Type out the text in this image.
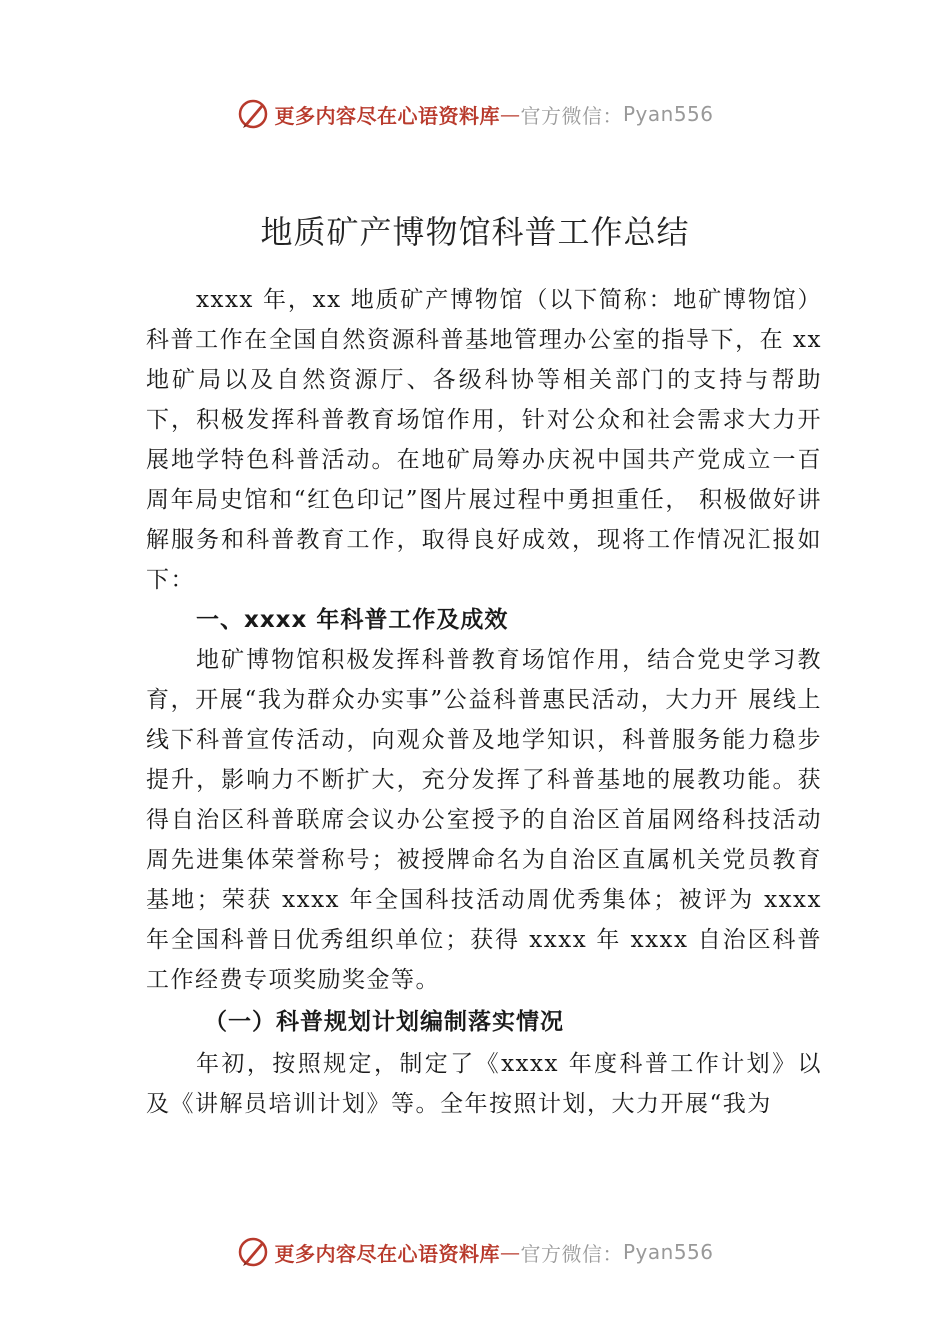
更多内容尽在心语资料库 — 官方微信： Pyan556
地质矿产博物馆科普工作总结

xxxx 年，xx 地质矿产博物馆（以下简称：地矿博物馆）科普工作在全国自然资源科普基地管理办公室的指导下，在 xx 地矿局以及自然资源厅、各级科协等相关部门的支持与帮助下，积极发挥科普教育场馆作用，针对公众和社会需求大力开展地学特色科普活动。在地矿局筹办庆祝中国共产党成立一百周年局史馆和“红色印记”图片展过程中勇担重任， 积极做好讲解服务和科普教育工作，取得良好成效，现将工作情况汇报如下：

一、xxxx 年科普工作及成效

地矿博物馆积极发挥科普教育场馆作用，结合党史学习教育，开展“我为群众办实事”公益科普惠民活动，大力开 展线上线下科普宣传活动，向观众普及地学知识，科普服务能力稳步提升，影响力不断扩大，充分发挥了科普基地的展教功能。获得自治区科普联席会议办公室授予的自治区首届网络科技活动周先进集体荣誉称号；被授牌命名为自治区直属机关党员教育基地；荣获 xxxx 年全国科技活动周优秀集体；被评为 xxxx 年全国科普日优秀组织单位；获得 xxxx 年 xxxx 自治区科普工作经费专项奖励奖金等。

（一）科普规划计划编制落实情况

年初，按照规定，制定了《xxxx 年度科普工作计划》以及《讲解员培训计划》等。全年按照计划，大力开展“我为

更多内容尽在心语资料库 — 官方微信： Pyan556
